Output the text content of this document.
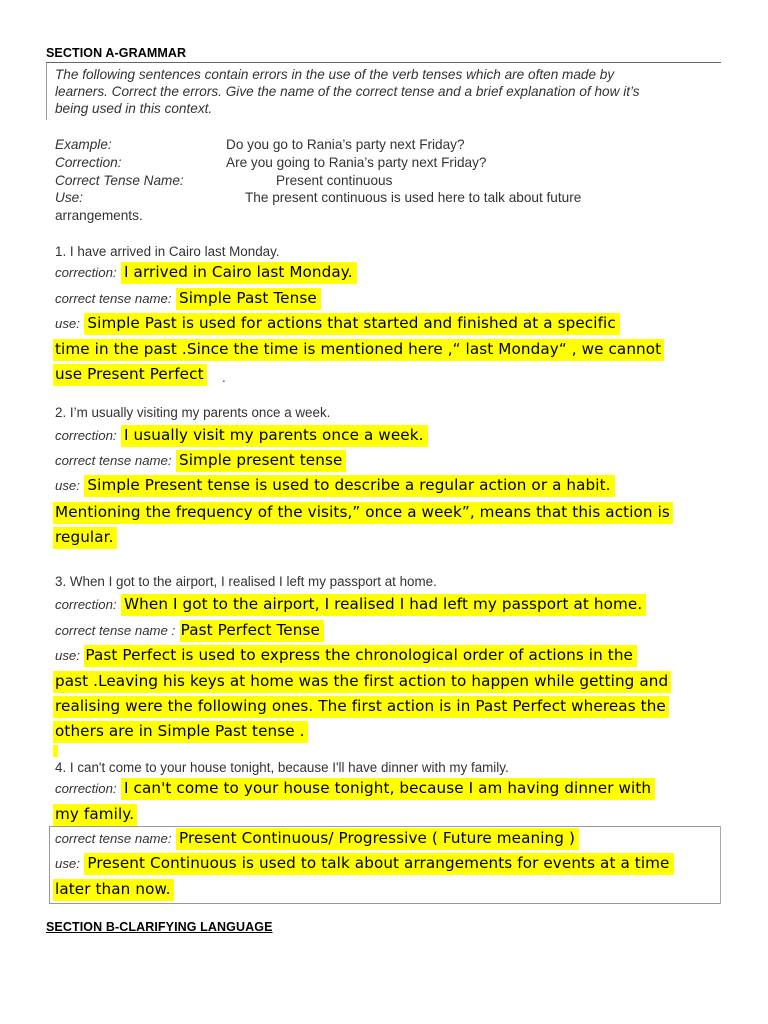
SECTION A-GRAMMAR
The following sentences contain errors in the use of the verb tenses which are often made by
learners. Correct the errors. Give the name of the correct tense and a brief explanation of how it’s
being used in this context.
Example:	Do you go to Rania’s party next Friday?
Correction:	Are you going to Rania’s party next Friday?
Correct Tense Name:	Present continuous
Use:	The present continuous is used here to talk about future
arrangements.
1. I have arrived in Cairo last Monday.
correction: I arrived in Cairo last Monday.
correct tense name: Simple Past Tense
use: Simple Past is used for actions that started and finished at a specific
time in the past .Since the time is mentioned here ,“ last Monday“ , we cannot
use Present Perfect .
2. I’m usually visiting my parents once a week.
correction: I usually visit my parents once a week.
correct tense name: Simple present tense
use: Simple Present tense is used to describe a regular action or a habit.
Mentioning the frequency of the visits,” once a week”, means that this action is
regular.
3. When I got to the airport, I realised I left my passport at home.
correction: When I got to the airport, I realised I had left my passport at home.
correct tense name : Past Perfect Tense
use: Past Perfect is used to express the chronological order of actions in the
past .Leaving his keys at home was the first action to happen while getting and
realising were the following ones. The first action is in Past Perfect whereas the
others are in Simple Past tense .
4. I can't come to your house tonight, because I'll have dinner with my family.
correction: I can't come to your house tonight, because I am having dinner with
my family.
correct tense name: Present Continuous/ Progressive ( Future meaning )
use: Present Continuous is used to talk about arrangements for events at a time
later than now.
SECTION B-CLARIFYING LANGUAGE
